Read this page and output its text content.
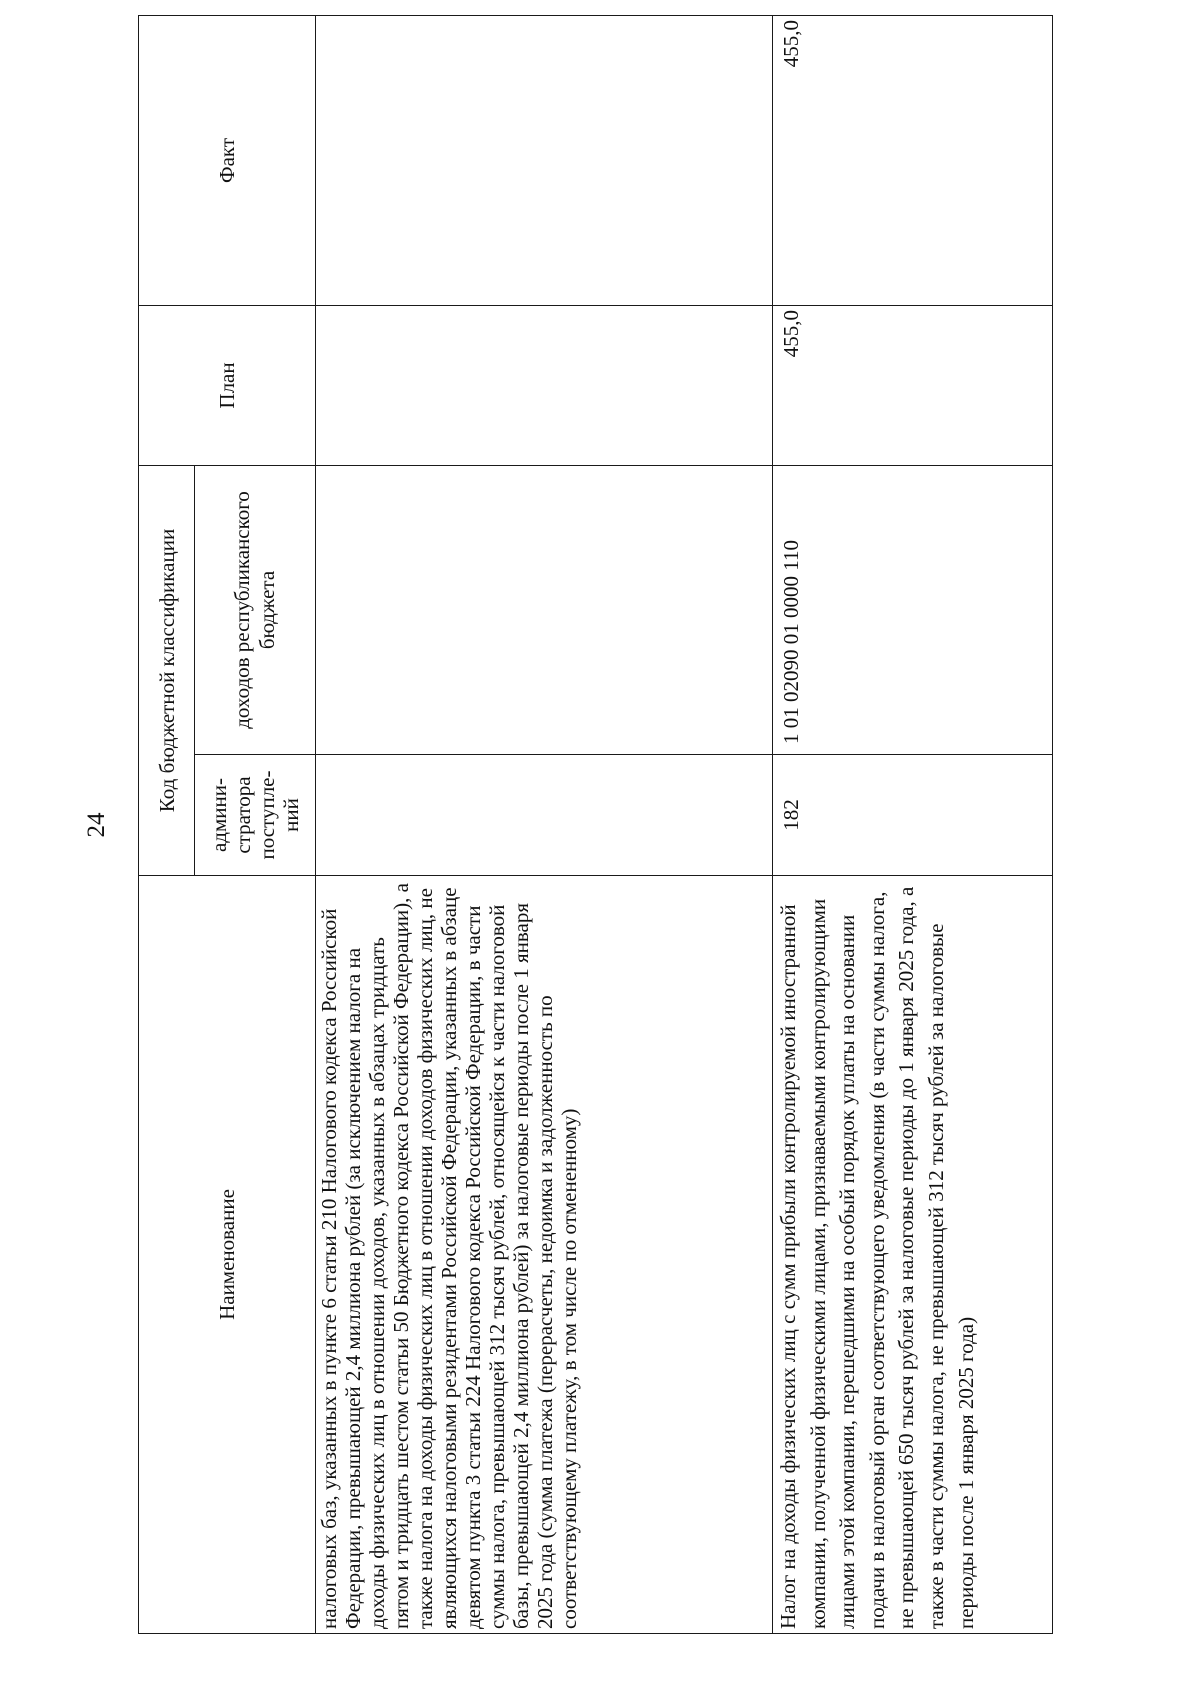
24
Наименование	Код бюджетной классификации		План	Факт
	админи-стратора поступле-ний	доходов республиканского бюджета		
налоговых баз, указанных в пункте 6 статьи 210 Налогового кодекса Российской Федерации, превышающей 2,4 миллиона рублей (за исключением налога на доходы физических лиц в отношении доходов, указанных в абзацах тридцать пятом и тридцать шестом статьи 50 Бюджетного кодекса Российской Федерации), а также налога на доходы физических лиц в отношении доходов физических лиц, не являющихся налоговыми резидентами Российской Федерации, указанных в абзаце девятом пункта 3 статьи 224 Налогового кодекса Российской Федерации, в части суммы налога, превышающей 312 тысяч рублей, относящейся к части налоговой базы, превышающей 2,4 миллиона рублей) за налоговые периоды после 1 января 2025 года (сумма платежа (перерасчеты, недоимка и задолженность по соответствующему платежу, в том числе по отмененному)				
Налог на доходы физических лиц с сумм прибыли контролируемой иностранной компании, полученной физическими лицами, признаваемыми контролирующими лицами этой компании, перешедшими на особый порядок уплаты на основании подачи в налоговый орган соответствующего уведомления (в части суммы налога, не превышающей 650 тысяч рублей за налоговые периоды до 1 января 2025 года, а также в части суммы налога, не превышающей 312 тысяч рублей за налоговые периоды после 1 января 2025 года)	182	1 01 02090 01 0000 110	455,0	455,0
